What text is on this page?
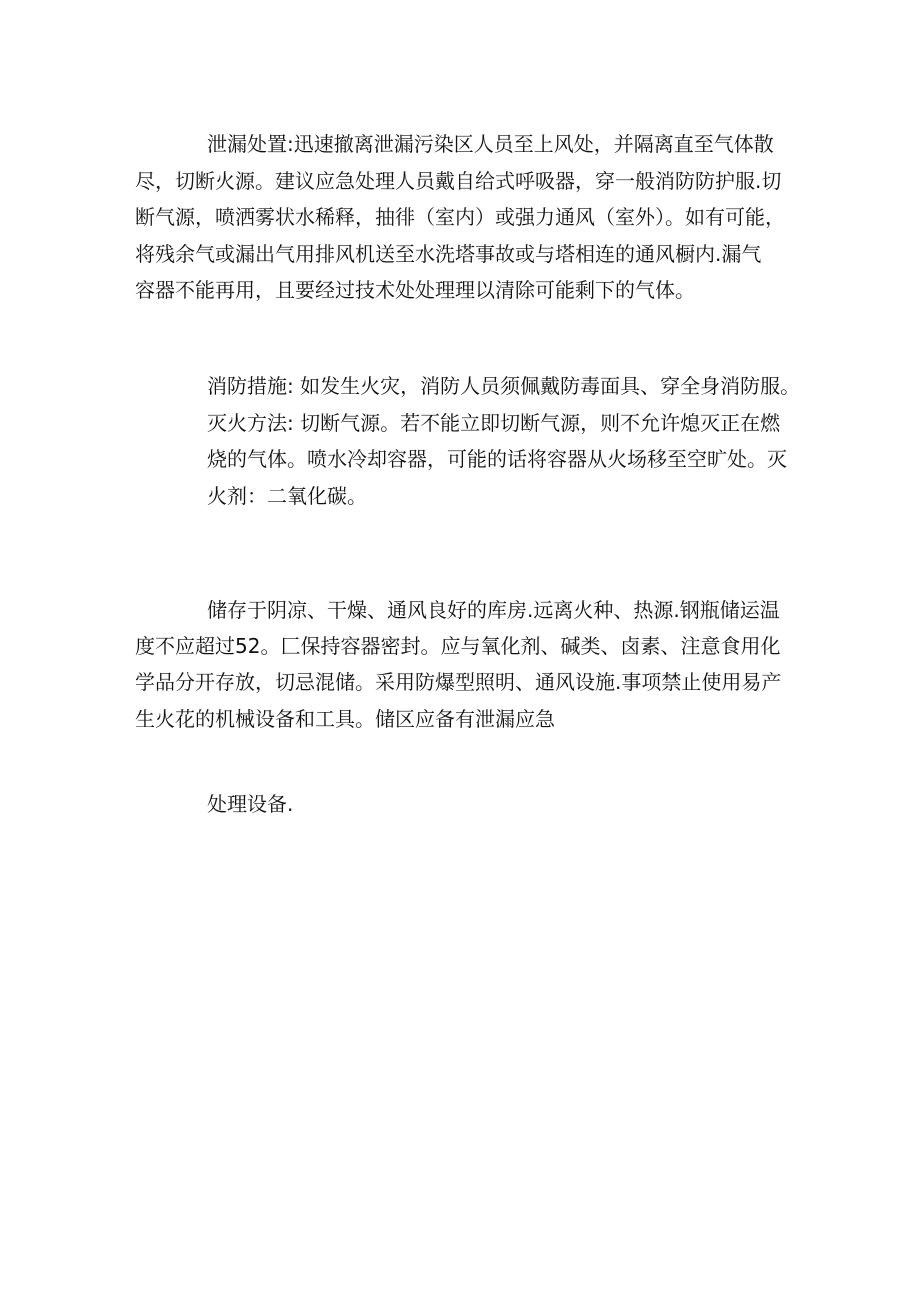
泄漏处置:迅速撤离泄漏污染区人员至上风处，并隔离直至气体散
尽，切断火源。建议应急处理人员戴自给式呼吸器，穿一般消防防护服.切
断气源，喷洒雾状水稀释，抽徘（室内）或强力通风（室外）。如有可能，
将残余气或漏出气用排风机送至水洗塔事故或与塔相连的通风橱内.漏气
容器不能再用，且要经过技术处处理理以清除可能剩下的气体。
消防措施: 如发生火灾，消防人员须佩戴防毒面具、穿全身消防服。
灭火方法: 切断气源。若不能立即切断气源，则不允许熄灭正在燃
烧的气体。喷水冷却容器，可能的话将容器从火场移至空旷处。灭
火剂：二氧化碳。
储存于阴凉、干燥、通风良好的库房.远离火种、热源.钢瓶储运温
度不应超过52。匚保持容器密封。应与氧化剂、碱类、卤素、注意食用化
学品分开存放，切忌混储。采用防爆型照明、通风设施.事项禁止使用易产
生火花的机械设备和工具。储区应备有泄漏应急

处理设备.
